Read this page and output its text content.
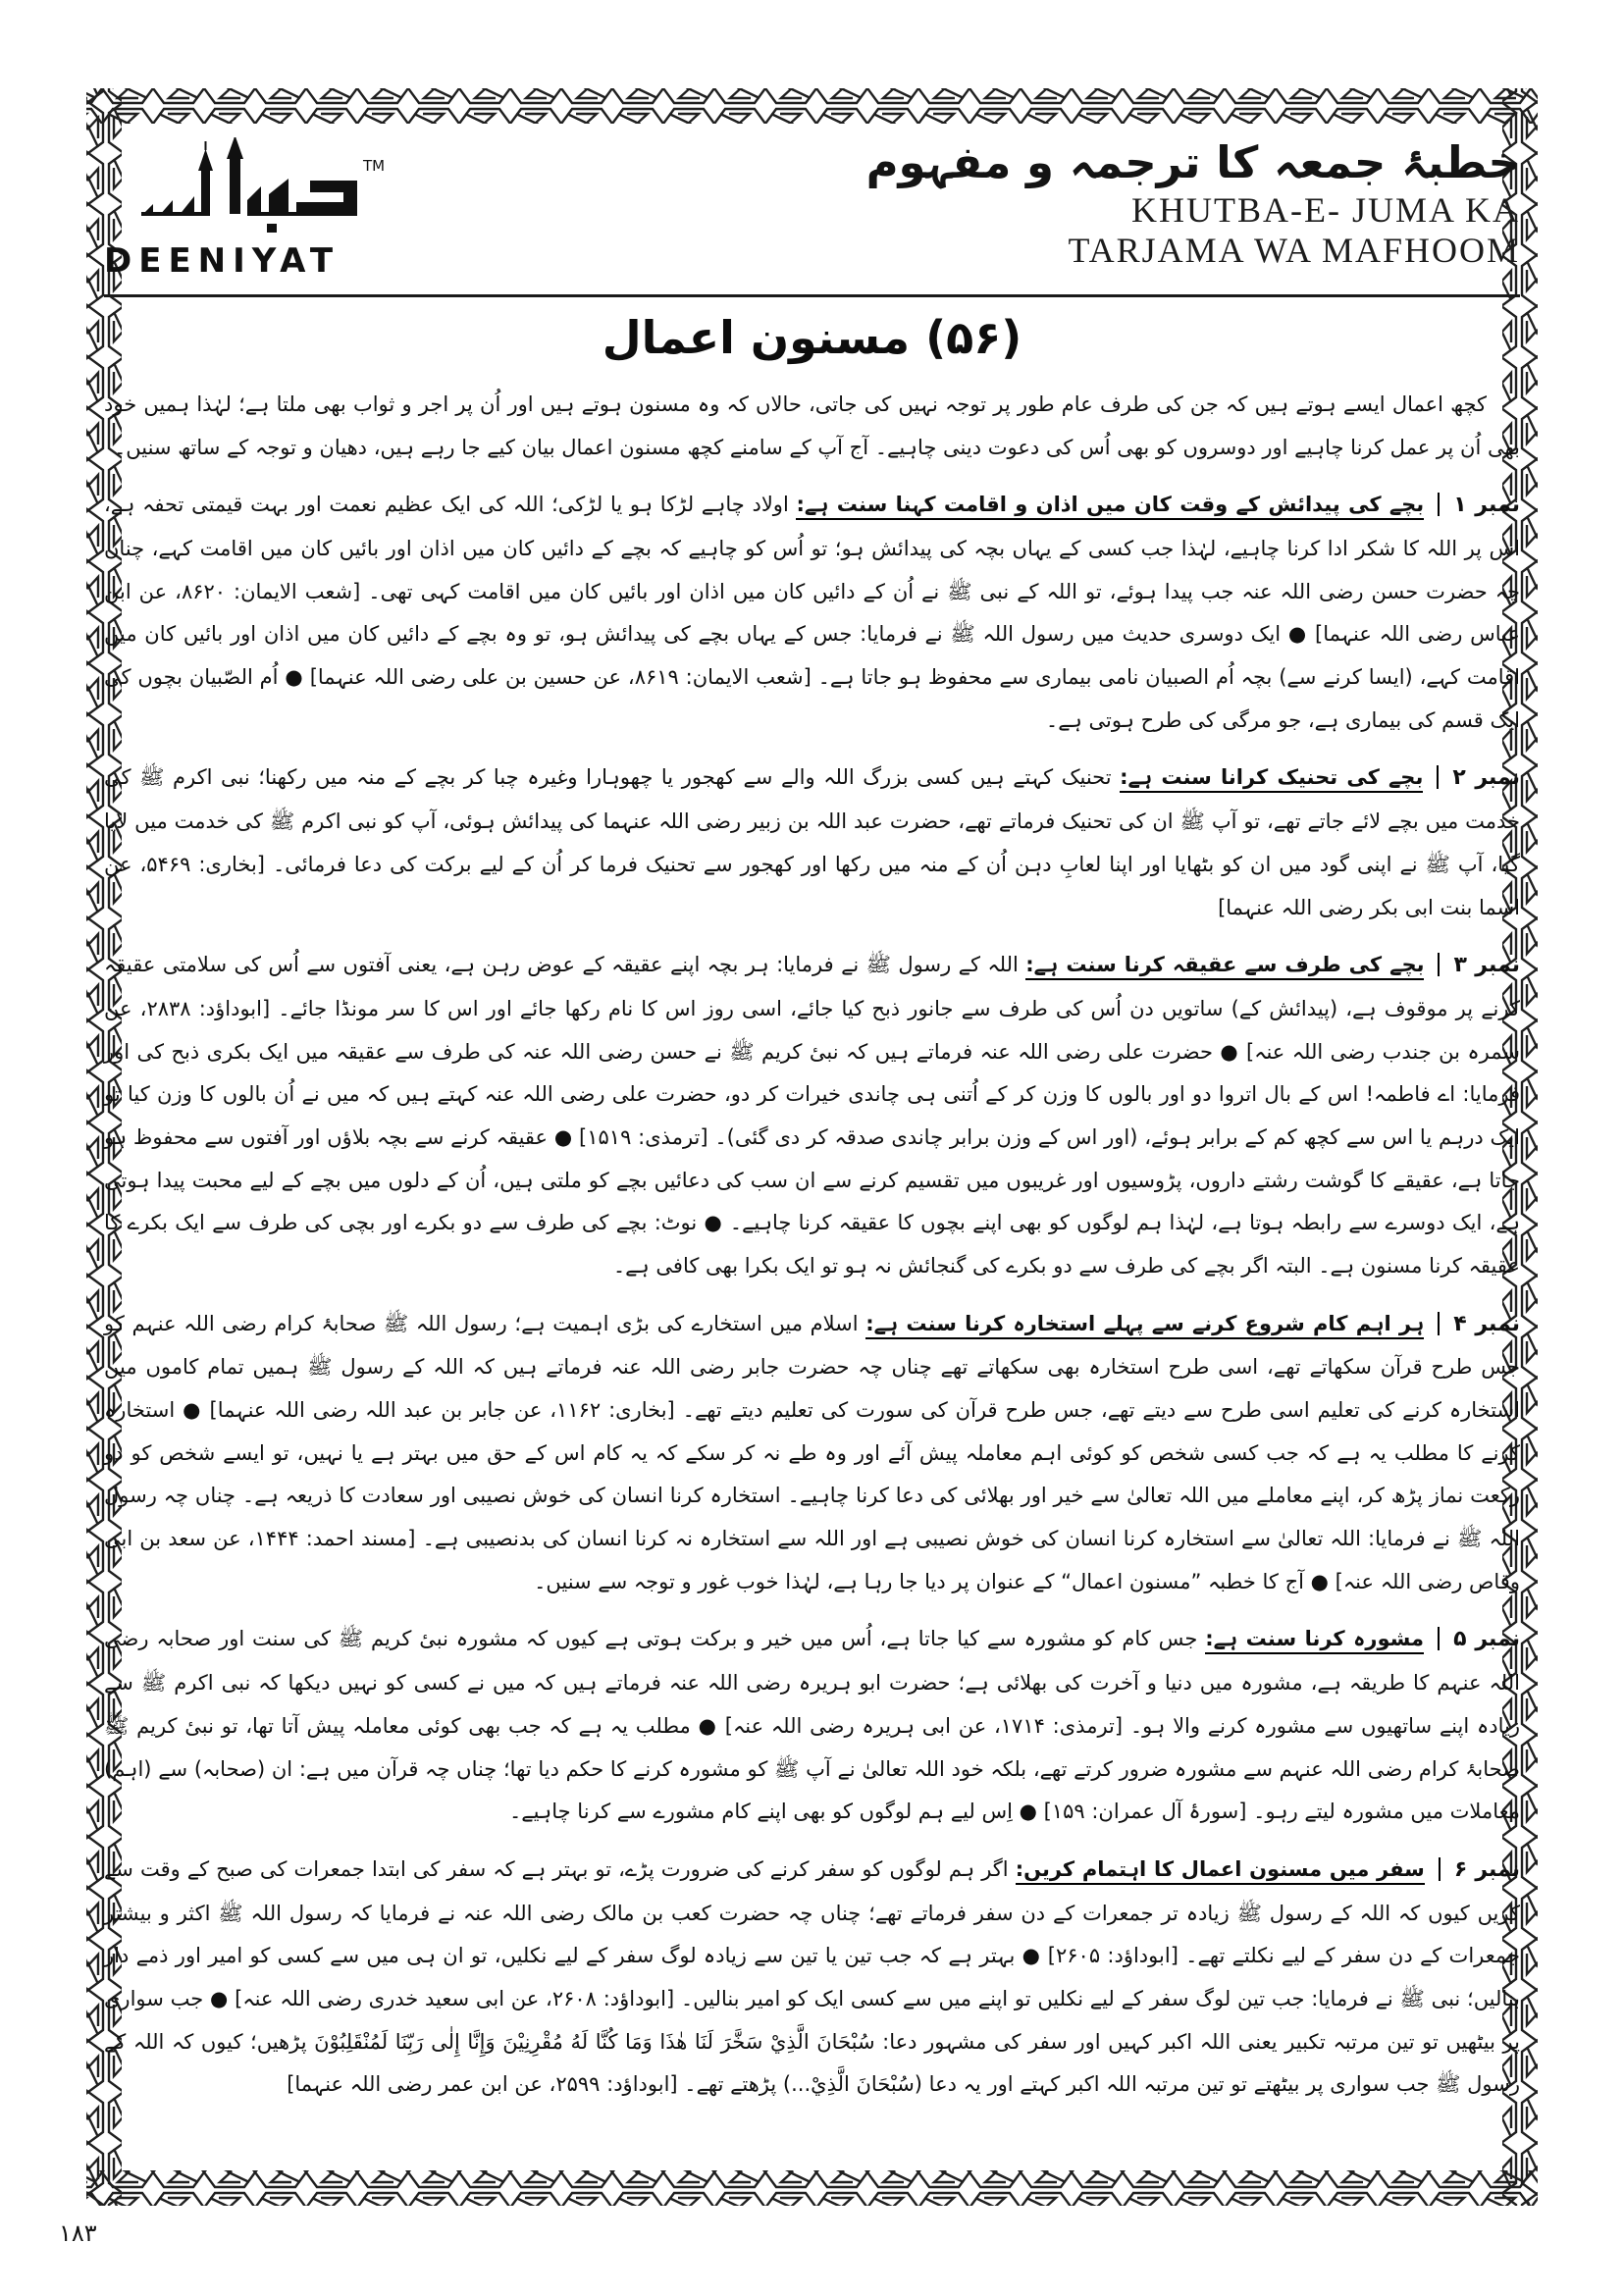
TM
DEENIYAT
خطبۂ جمعہ کا ترجمہ و مفہوم
KHUTBA-E- JUMA KA
TARJAMA WA MAFHOOM
(۵۶) مسنون اعمال

کچھ اعمال ایسے ہوتے ہیں کہ جن کی طرف عام طور پر توجہ نہیں کی جاتی، حالاں کہ وہ مسنون ہوتے ہیں اور اُن پر اجر و ثواب بھی ملتا ہے؛ لہٰذا ہمیں خود بھی اُن پر عمل کرنا چاہیے اور دوسروں کو بھی اُس کی دعوت دینی چاہیے۔ آج آپ کے سامنے کچھ مسنون اعمال بیان کیے جا رہے ہیں، دھیان و توجہ کے ساتھ سنیں۔

نمبر ۱بچے کی پیدائش کے وقت کان میں اذان و اقامت کہنا سنت ہے: اولاد چاہے لڑکا ہو یا لڑکی؛ اللہ کی ایک عظیم نعمت اور بہت قیمتی تحفہ ہے، اس پر اللہ کا شکر ادا کرنا چاہیے، لہٰذا جب کسی کے یہاں بچہ کی پیدائش ہو؛ تو اُس کو چاہیے کہ بچے کے دائیں کان میں اذان اور بائیں کان میں اقامت کہے، چناں چہ حضرت حسن رضی اللہ عنہ جب پیدا ہوئے، تو اللہ کے نبی ﷺ نے اُن کے دائیں کان میں اذان اور بائیں کان میں اقامت کہی تھی۔ [شعب الایمان: ۸۶۲۰، عن ابن عباس رضی اللہ عنہما] ● ایک دوسری حدیث میں رسول اللہ ﷺ نے فرمایا: جس کے یہاں بچے کی پیدائش ہو، تو وہ بچے کے دائیں کان میں اذان اور بائیں کان میں اقامت کہے، (ایسا کرنے سے) بچہ اُم الصبیان نامی بیماری سے محفوظ ہو جاتا ہے۔ [شعب الایمان: ۸۶۱۹، عن حسین بن علی رضی اللہ عنہما] ● اُم الصّبیان بچوں کی ایک قسم کی بیماری ہے، جو مرگی کی طرح ہوتی ہے۔

نمبر ۲بچے کی تحنیک کرانا سنت ہے: تحنیک کہتے ہیں کسی بزرگ اللہ والے سے کھجور یا چھوہارا وغیرہ چبا کر بچے کے منہ میں رکھنا؛ نبی اکرم ﷺ کی خدمت میں بچے لائے جاتے تھے، تو آپ ﷺ ان کی تحنیک فرماتے تھے، حضرت عبد اللہ بن زبیر رضی اللہ عنہما کی پیدائش ہوئی، آپ کو نبی اکرم ﷺ کی خدمت میں لایا گیا، آپ ﷺ نے اپنی گود میں ان کو بٹھایا اور اپنا لعابِ دہن اُن کے منہ میں رکھا اور کھجور سے تحنیک فرما کر اُن کے لیے برکت کی دعا فرمائی۔ [بخاری: ۵۴۶۹، عن اسما بنت ابی بکر رضی اللہ عنہما]

نمبر ۳بچے کی طرف سے عقیقہ کرنا سنت ہے: اللہ کے رسول ﷺ نے فرمایا: ہر بچہ اپنے عقیقہ کے عوض رہن ہے، یعنی آفتوں سے اُس کی سلامتی عقیقہ کرنے پر موقوف ہے، (پیدائش کے) ساتویں دن اُس کی طرف سے جانور ذبح کیا جائے، اسی روز اس کا نام رکھا جائے اور اس کا سر مونڈا جائے۔ [ابوداؤد: ۲۸۳۸، عن سمرہ بن جندب رضی اللہ عنہ] ● حضرت علی رضی اللہ عنہ فرماتے ہیں کہ نبیٔ کریم ﷺ نے حسن رضی اللہ عنہ کی طرف سے عقیقہ میں ایک بکری ذبح کی اور فرمایا: اے فاطمہ! اس کے بال اتروا دو اور بالوں کا وزن کر کے اُتنی ہی چاندی خیرات کر دو، حضرت علی رضی اللہ عنہ کہتے ہیں کہ میں نے اُن بالوں کا وزن کیا تو ایک درہم یا اس سے کچھ کم کے برابر ہوئے، (اور اس کے وزن برابر چاندی صدقہ کر دی گئی)۔ [ترمذی: ۱۵۱۹] ● عقیقہ کرنے سے بچہ بلاؤں اور آفتوں سے محفوظ ہو جاتا ہے، عقیقے کا گوشت رشتے داروں، پڑوسیوں اور غریبوں میں تقسیم کرنے سے ان سب کی دعائیں بچے کو ملتی ہیں، اُن کے دلوں میں بچے کے لیے محبت پیدا ہوتی ہے، ایک دوسرے سے رابطہ ہوتا ہے، لہٰذا ہم لوگوں کو بھی اپنے بچوں کا عقیقہ کرنا چاہیے۔ ● نوٹ: بچے کی طرف سے دو بکرے اور بچی کی طرف سے ایک بکرے کا عقیقہ کرنا مسنون ہے۔ البتہ اگر بچے کی طرف سے دو بکرے کی گنجائش نہ ہو تو ایک بکرا بھی کافی ہے۔

نمبر ۴ہر اہم کام شروع کرنے سے پہلے استخارہ کرنا سنت ہے: اسلام میں استخارے کی بڑی اہمیت ہے؛ رسول اللہ ﷺ صحابۂ کرام رضی اللہ عنہم کو جس طرح قرآن سکھاتے تھے، اسی طرح استخارہ بھی سکھاتے تھے چناں چہ حضرت جابر رضی اللہ عنہ فرماتے ہیں کہ اللہ کے رسول ﷺ ہمیں تمام کاموں میں استخارہ کرنے کی تعلیم اسی طرح سے دیتے تھے، جس طرح قرآن کی سورت کی تعلیم دیتے تھے۔ [بخاری: ۱۱۶۲، عن جابر بن عبد اللہ رضی اللہ عنہما] ● استخارہ کرنے کا مطلب یہ ہے کہ جب کسی شخص کو کوئی اہم معاملہ پیش آئے اور وہ طے نہ کر سکے کہ یہ کام اس کے حق میں بہتر ہے یا نہیں، تو ایسے شخص کو دو رکعت نماز پڑھ کر، اپنے معاملے میں اللہ تعالیٰ سے خیر اور بھلائی کی دعا کرنا چاہیے۔ استخارہ کرنا انسان کی خوش نصیبی اور سعادت کا ذریعہ ہے۔ چناں چہ رسول اللہ ﷺ نے فرمایا: اللہ تعالیٰ سے استخارہ کرنا انسان کی خوش نصیبی ہے اور اللہ سے استخارہ نہ کرنا انسان کی بدنصیبی ہے۔ [مسند احمد: ۱۴۴۴، عن سعد بن ابی وقاص رضی اللہ عنہ] ● آج کا خطبہ ”مسنون اعمال“ کے عنوان پر دیا جا رہا ہے، لہٰذا خوب غور و توجہ سے سنیں۔

نمبر ۵مشورہ کرنا سنت ہے: جس کام کو مشورہ سے کیا جاتا ہے، اُس میں خیر و برکت ہوتی ہے کیوں کہ مشورہ نبیٔ کریم ﷺ کی سنت اور صحابہ رضی اللہ عنہم کا طریقہ ہے، مشورہ میں دنیا و آخرت کی بھلائی ہے؛ حضرت ابو ہریرہ رضی اللہ عنہ فرماتے ہیں کہ میں نے کسی کو نہیں دیکھا کہ نبی اکرم ﷺ سے زیادہ اپنے ساتھیوں سے مشورہ کرنے والا ہو۔ [ترمذی: ۱۷۱۴، عن ابی ہریرہ رضی اللہ عنہ] ● مطلب یہ ہے کہ جب بھی کوئی معاملہ پیش آتا تھا، تو نبیٔ کریم ﷺ صحابۂ کرام رضی اللہ عنہم سے مشورہ ضرور کرتے تھے، بلکہ خود اللہ تعالیٰ نے آپ ﷺ کو مشورہ کرنے کا حکم دیا تھا؛ چناں چہ قرآن میں ہے: ان (صحابہ) سے (اہم) معاملات میں مشورہ لیتے رہو۔ [سورۂ آل عمران: ۱۵۹] ● اِس لیے ہم لوگوں کو بھی اپنے کام مشورے سے کرنا چاہیے۔

نمبر ۶سفر میں مسنون اعمال کا اہتمام کریں: اگر ہم لوگوں کو سفر کرنے کی ضرورت پڑے، تو بہتر ہے کہ سفر کی ابتدا جمعرات کی صبح کے وقت سے کریں کیوں کہ اللہ کے رسول ﷺ زیادہ تر جمعرات کے دن سفر فرماتے تھے؛ چناں چہ حضرت کعب بن مالک رضی اللہ عنہ نے فرمایا کہ رسول اللہ ﷺ اکثر و بیشتر جمعرات کے دن سفر کے لیے نکلتے تھے۔ [ابوداؤد: ۲۶۰۵] ● بہتر ہے کہ جب تین یا تین سے زیادہ لوگ سفر کے لیے نکلیں، تو ان ہی میں سے کسی کو امیر اور ذمے دار بنالیں؛ نبی ﷺ نے فرمایا: جب تین لوگ سفر کے لیے نکلیں تو اپنے میں سے کسی ایک کو امیر بنالیں۔ [ابوداؤد: ۲۶۰۸، عن ابی سعید خدری رضی اللہ عنہ] ● جب سواری پر بیٹھیں تو تین مرتبہ تکبیر یعنی اللہ اکبر کہیں اور سفر کی مشہور دعا: سُبْحَانَ الَّذِيْ سَخَّرَ لَنَا هٰذَا وَمَا كُنَّا لَهُ مُقْرِنِيْنَ وَإِنَّا إِلٰى رَبِّنَا لَمُنْقَلِبُوْنَ پڑھیں؛ کیوں کہ اللہ کے رسول ﷺ جب سواری پر بیٹھتے تو تین مرتبہ اللہ اکبر کہتے اور یہ دعا (سُبْحَانَ الَّذِيْ...) پڑھتے تھے۔ [ابوداؤد: ۲۵۹۹، عن ابن عمر رضی اللہ عنہما]

۱۸۳
